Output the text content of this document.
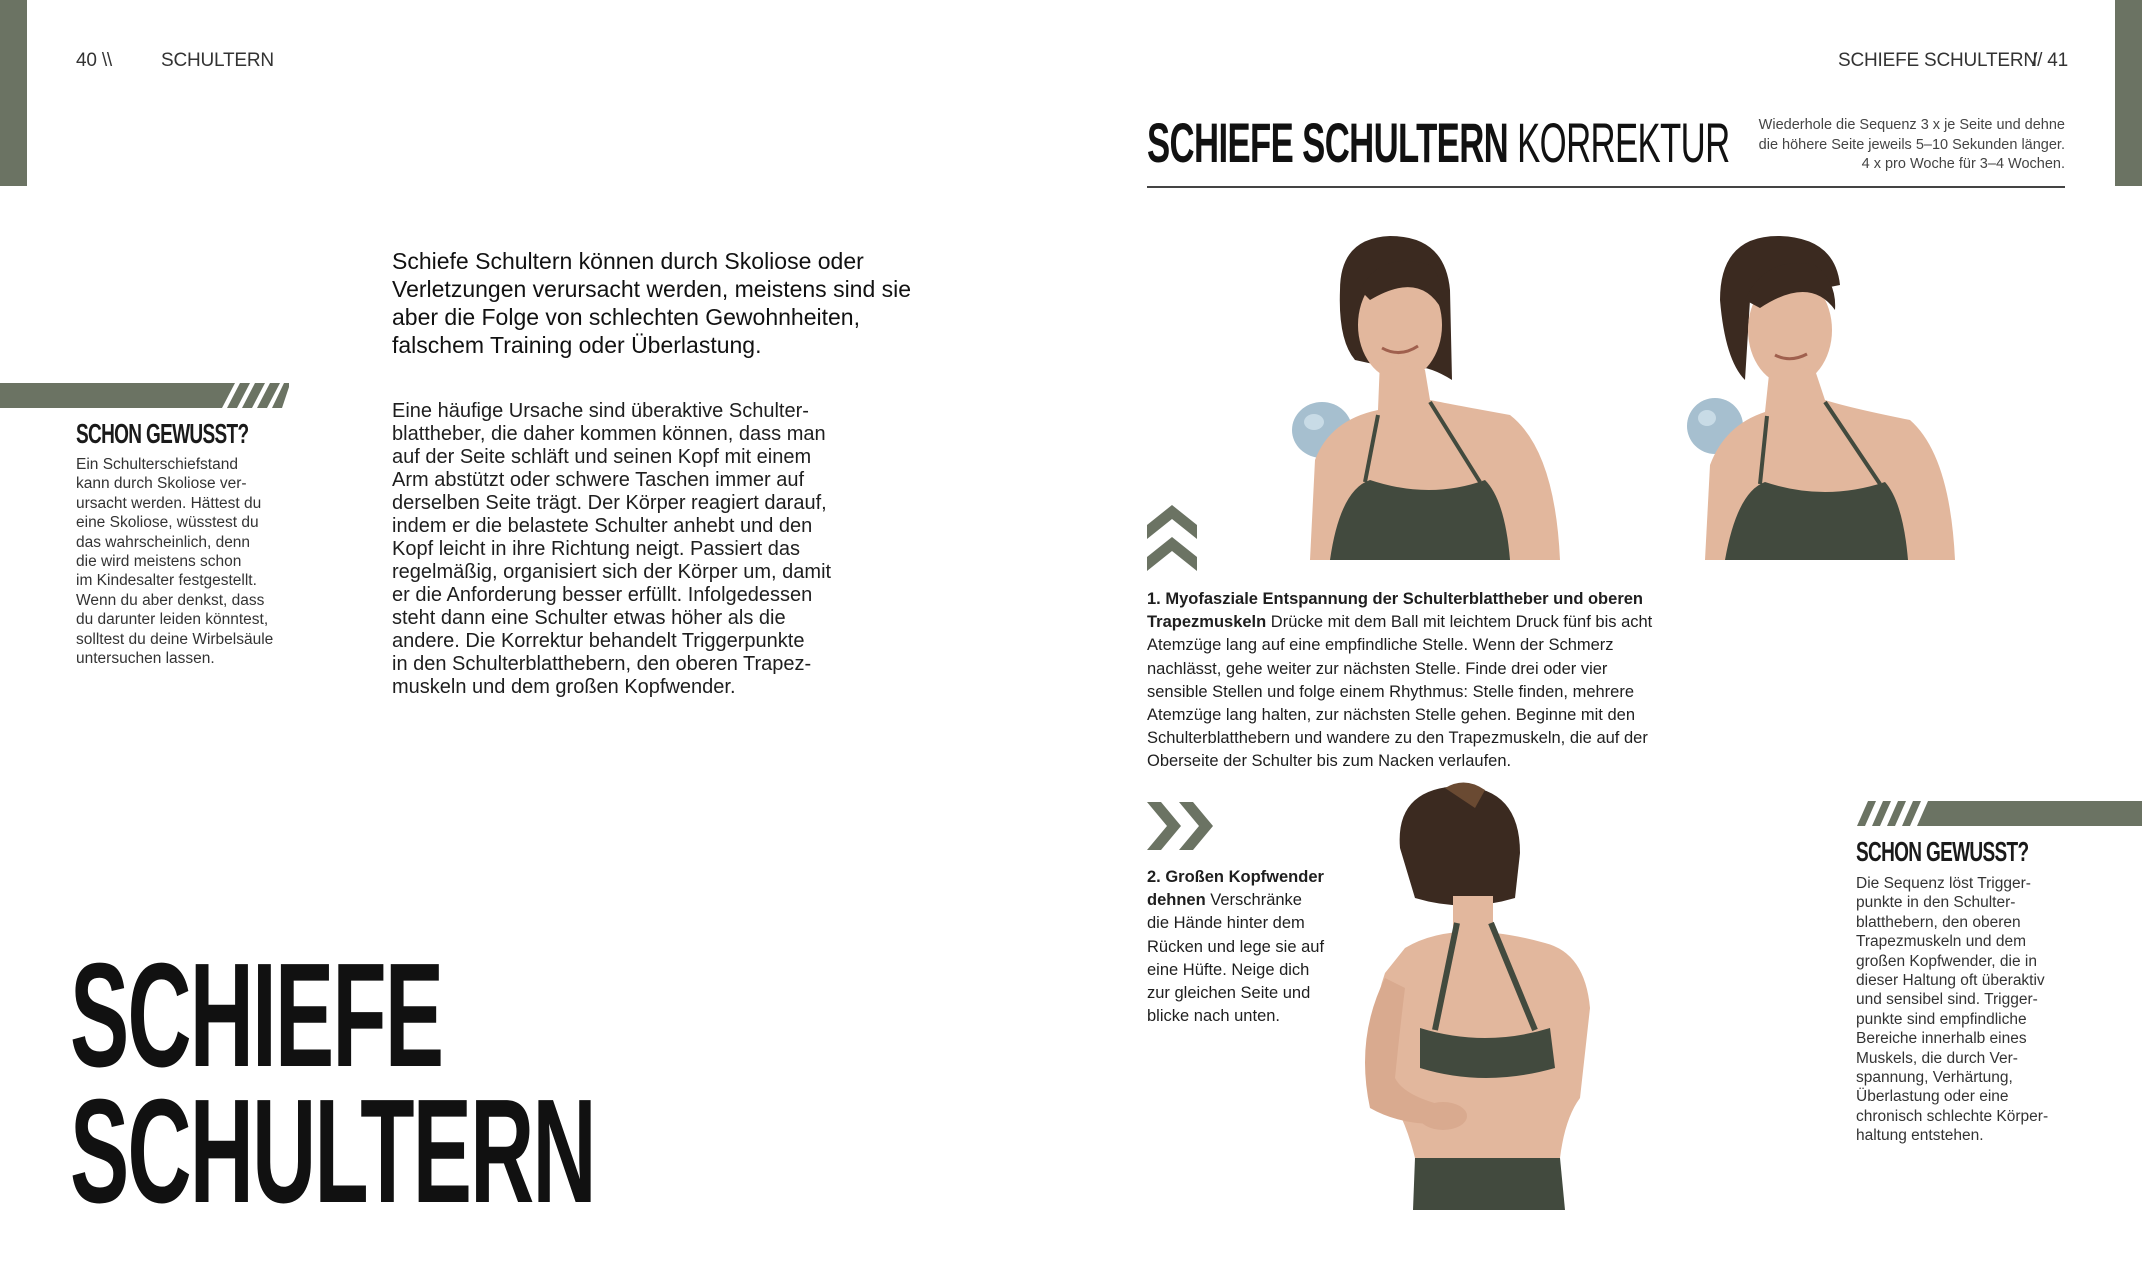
40 \\	SCHULTERN	SCHIEFE SCHULTERN
// 41
Schiefe Schultern können durch Skoliose oder Verletzungen verursacht werden, meistens sind sie aber die Folge von schlechten Gewohnheiten, falschem Training oder Überlastung.

Eine häufige Ursache sind überaktive Schulter-

blattheber, die daher kommen können, dass man

auf der Seite schläft und seinen Kopf mit einem

Arm abstützt oder schwere Taschen immer auf

derselben Seite trägt. Der Körper reagiert darauf,

indem er die belastete Schulter anhebt und den

Kopf leicht in ihre Richtung neigt. Passiert das

regelmäßig, organisiert sich der Körper um, damit

er die Anforderung besser erfüllt. Infolgedessen

steht dann eine Schulter etwas höher als die

andere. Die Korrektur behandelt Triggerpunkte

in den Schulterblatthebern, den oberen Trapez-

muskeln und dem großen Kopfwender.

SCHON GEWUSST?

Ein Schulterschiefstand

kann durch Skoliose ver-

ursacht werden. Hättest du

eine Skoliose, wüsstest du

das wahrscheinlich, denn

die wird meistens schon

im Kindesalter festgestellt.

Wenn du aber denkst, dass

du darunter leiden könntest,

solltest du deine Wirbelsäule

untersuchen lassen.

SCHIEFE
SCHULTERN
SCHIEFE SCHULTERN KORREKTUR	Wiederhole die Sequenz 3 x je Seite und dehne
die höhere Seite jeweils 5–10 Sekunden länger.
4 x pro Woche für 3–4 Wochen.

1. Myofasziale Entspannung der Schulterblattheber und oberen

Trapezmuskeln Drücke mit dem Ball mit leichtem Druck fünf bis acht

Atemzüge lang auf eine empfindliche Stelle. Wenn der Schmerz

nachlässt, gehe weiter zur nächsten Stelle. Finde drei oder vier

sensible Stellen und folge einem Rhythmus: Stelle finden, mehrere

Atemzüge lang halten, zur nächsten Stelle gehen. Beginne mit den

Schulterblatthebern und wandere zu den Trapezmuskeln, die auf der

Oberseite der Schulter bis zum Nacken verlaufen.

2. Großen Kopfwender

dehnen Verschränke

die Hände hinter dem

Rücken und lege sie auf

eine Hüfte. Neige dich

zur gleichen Seite und

blicke nach unten.

SCHON GEWUSST?

Die Sequenz löst Trigger-

punkte in den Schulter-

blatthebern, den oberen

Trapezmuskeln und dem

großen Kopfwender, die in

dieser Haltung oft überaktiv

und sensibel sind. Trigger-

punkte sind empfindliche

Bereiche innerhalb eines

Muskels, die durch Ver-

spannung, Verhärtung,

Überlastung oder eine

chronisch schlechte Körper-

haltung entstehen.
